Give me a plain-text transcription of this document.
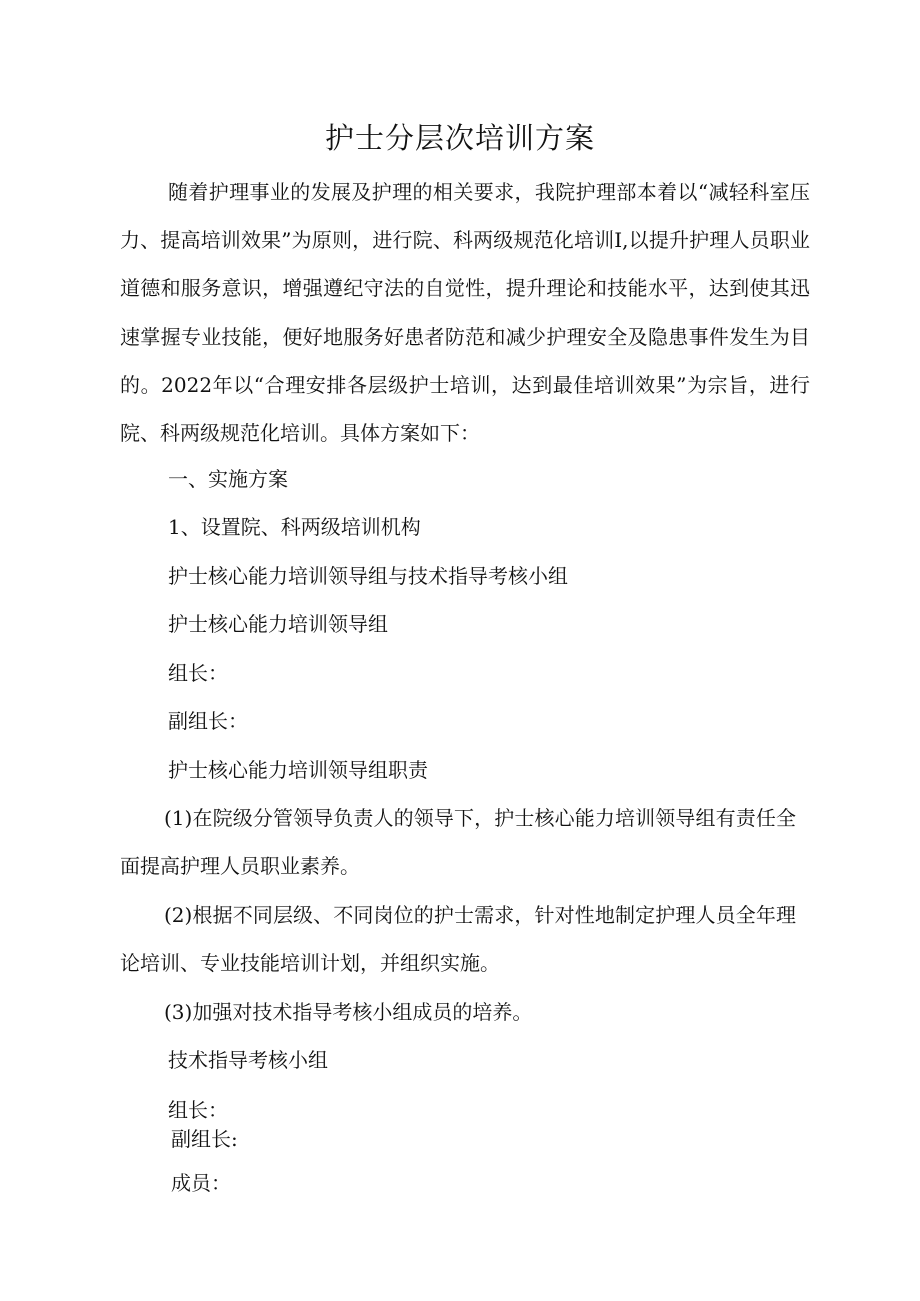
护士分层次培训方案

随着护理事业的发展及护理的相关要求，我院护理部本着以“减轻科室压力、提高培训效果”为原则，进行院、科两级规范化培训I,以提升护理人员职业道德和服务意识，增强遵纪守法的自觉性，提升理论和技能水平，达到使其迅速掌握专业技能，便好地服务好患者防范和减少护理安全及隐患事件发生为目的。2022年以“合理安排各层级护士培训，达到最佳培训效果”为宗旨，进行院、科两级规范化培训。具体方案如下：

一、实施方案

1、设置院、科两级培训机构

护士核心能力培训领导组与技术指导考核小组

护士核心能力培训领导组

组长：

副组长：

护士核心能力培训领导组职责

(1)在院级分管领导负责人的领导下，护士核心能力培训领导组有责任全面提高护理人员职业素养。

(2)根据不同层级、不同岗位的护士需求，针对性地制定护理人员全年理论培训、专业技能培训计划，并组织实施。

(3)加强对技术指导考核小组成员的培养。

技术指导考核小组

组长：

副组长:

成员：
